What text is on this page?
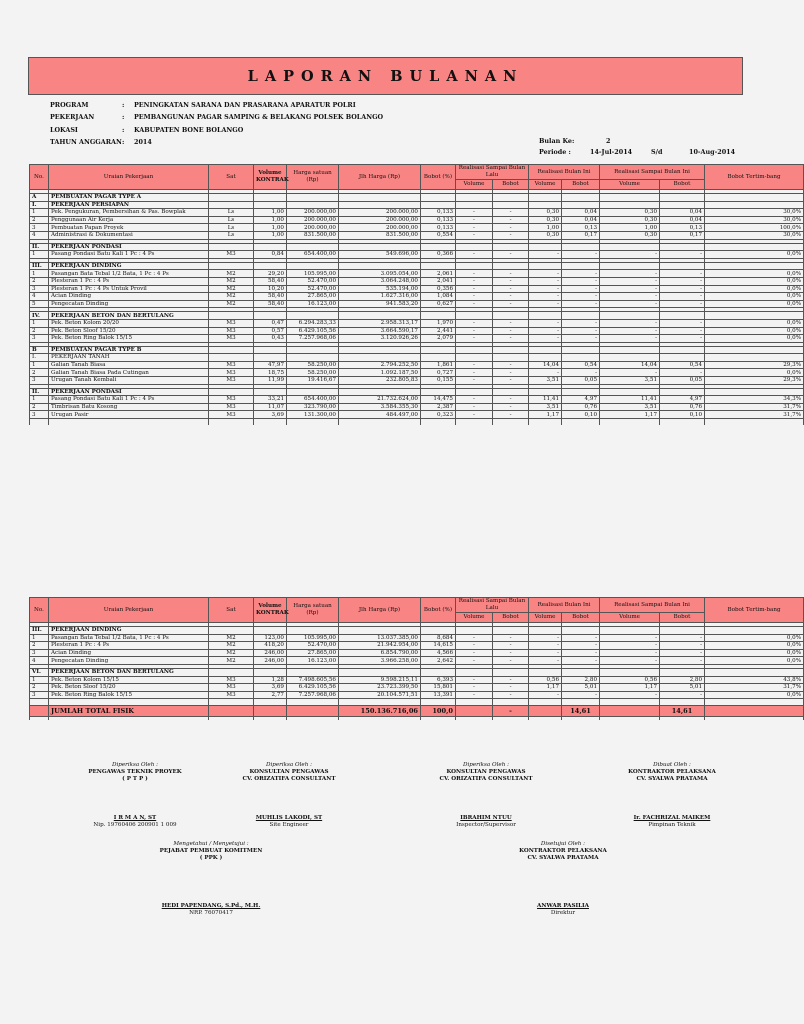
LAPORAN BULANAN
PROGRAM	: PENINGKATAN SARANA DAN PRASARANA APARATUR POLRI
PEKERJAAN	: PEMBANGUNAN PAGAR SAMPING & BELAKANG POLSEK BOLANGO
LOKASI	: KABUPATEN BONE BOLANGO
TAHUN ANGGARAN : 2014	Bulan Ke:	2
Periode :	14-Jul-2014	S/d	10-Aug-2014
No.	Uraian Pekerjaan	Sat	Volume KONTRAK	Harga satuan (Rp)	Jlh Harga (Rp)	Bobot (%)	Realisasi Sampai Bulan Lalu		Realisasi Bulan Ini		Realisasi Sampai Bulan Ini		Bobot Tertim-bang
							Volume	Bobot	Volume	Bobot	Volume	Bobot	

A	PEMBUATAN PAGAR TYPE A												
I.	PEKERJAAN PERSIAPAN												
1	Pek. Pengukuran, Pembersihan & Pas. Bowplak	Ls	1,00	200.000,00	200.000,00	0,133	-	-	0,30	0,04	0,30	0,04	30,0%
2	Penggunaan Air Kerja	Ls	1,00	200.000,00	200.000,00	0,133	-	-	0,30	0,04	0,30	0,04	30,0%
3	Pembuatan Papan Proyek	Ls	1,00	200.000,00	200.000,00	0,133	-	-	1,00	0,13	1,00	0,13	100,0%
4	Administrasi & Dokumentasi	Ls	1,00	831.500,00	831.500,00	0,554	-	-	0,30	0,17	0,30	0,17	30,0%

II.	PEKERJAAN PONDASI												
1	Pasang Pondasi Batu Kali 1 Pc : 4 Ps	M3	0,84	654.400,00	549.696,00	0,366	-	-	-	-	-	-	0,0%

III.	PEKERJAAN DINDING												
1	Pasangan Bata Tebal 1/2 Bata, 1 Pc : 4 Ps	M2	29,20	105.995,00	3.095.054,00	2,061	-	-	-	-	-	-	0,0%
2	Plesteran 1 Pc : 4 Ps	M2	58,40	52.470,00	3.064.248,00	2,041	-	-	-	-	-	-	0,0%
3	Plesteran 1 Pc : 4 Ps Untuk Provil	M2	10,20	52.470,00	535.194,00	0,356	-	-	-	-	-	-	0,0%
4	Acian Dinding	M2	58,40	27.865,00	1.627.316,00	1,084	-	-	-	-	-	-	0,0%
5	Pengecatan Dinding	M2	58,40	16.123,00	941.583,20	0,627	-	-	-	-	-	-	0,0%

IV.	PEKERJAAN BETON DAN BERTULANG												
1	Pek. Beton Kolom 20/20	M3	0,47	6.294.283,33	2.958.313,17	1,970	-	-	-	-	-	-	0,0%
2	Pek. Beton Sloof 15/20	M3	0,57	6.429.105,56	3.664.590,17	2,441	-	-	-	-	-	-	0,0%
3	Pek. Beton Ring Balok 15/15	M3	0,43	7.257.968,06	3.120.926,26	2,079	-	-	-	-	-	-	0,0%

B	PEMBUATAN PAGAR TYPE B												
I.	PEKERJAAN TANAH												
1	Galian Tanah Biasa	M3	47,97	58.250,00	2.794.252,50	1,861	-	-	14,04	0,54	14,04	0,54	29,3%
2	Galian Tanah Biasa Pada Cutingan	M3	18,75	58.250,00	1.092.187,50	0,727	-	-	-	-	-	-	0,0%
3	Urugan Tanah Kembali	M3	11,99	19.416,67	232.805,83	0,155	-	-	3,51	0,05	3,51	0,05	29,3%

II.	PEKERJAAN PONDASI												
1	Pasang Pondasi Batu Kali 1 Pc : 4 Ps	M3	33,21	654.400,00	21.732.624,00	14,475	-	-	11,41	4,97	11,41	4,97	34,3%
2	Timbrisan Batu Kosong	M3	11,07	323.790,00	3.584.355,30	2,387	-	-	3,51	0,76	3,51	0,76	31,7%
3	Urugan Pasir	M3	3,69	131.300,00	484.497,00	0,323	-	-	1,17	0,10	1,17	0,10	31,7%

No.	Uraian Pekerjaan	Sat	Volume KONTRAK	Harga satuan (Rp)	Jlh Harga (Rp)	Bobot (%)	Realisasi Sampai Bulan Lalu		Realisasi Bulan Ini		Realisasi Sampai Bulan Ini		Bobot Tertim-bang
							Volume	Bobot	Volume	Bobot	Volume	Bobot	

III.	PEKERJAAN DINDING												
1	Pasangan Bata Tebal 1/2 Bata, 1 Pc : 4 Ps	M2	123,00	105.995,00	13.037.385,00	8,684	-	-	-	-	-	-	0,0%
2	Plesteran 1 Pc : 4 Ps	M2	418,20	52.470,00	21.942.954,00	14,615	-	-	-	-	-	-	0,0%
3	Acian Dinding	M2	246,00	27.865,00	6.854.790,00	4,566	-	-	-	-	-	-	0,0%
4	Pengecatan Dinding	M2	246,00	16.123,00	3.966.258,00	2,642	-	-	-	-	-	-	0,0%

VI.	PEKERJAAN BETON DAN BERTULANG												
1	Pek. Beton Kolom 15/15	M3	1,28	7.498.605,56	9.598.215,11	6,393	-	-	0,56	2,80	0,56	2,80	43,8%
2	Pek. Beton Sloof 15/20	M3	3,69	6.429.105,56	23.723.399,50	15,801	-	-	1,17	5,01	1,17	5,01	31,7%
3	Pek. Beton Ring Balok 15/15	M3	2,77	7.257.968,06	20.104.571,51	13,391	-	-	-	-	-	-	0,0%

	JUMLAH TOTAL FISIK				150.136.716,06	100,0		-		14,61		14,61	

Diperiksa Oleh :
PENGAWAS TEKNIK PROYEK
( P T P )
I R M A N, ST
Nip. 19760406 200901 1 009
Diperiksa Oleh :
KONSULTAN PENGAWAS
CV. ORIZATIFA CONSULTANT
MUHLIS LAKODI, ST
Site Engineer
Diperiksa Oleh :
KONSULTAN PENGAWAS
CV. ORIZATIFA CONSULTANT
IBRAHIM NTUU
Inspector/Supervisor
Dibuat Oleh :
KONTRAKTOR PELAKSANA
CV. SYALWA PRATAMA
Ir. FACHRIZAL MAIKEM
Pimpinan Teknik
Mengetahui / Menyetujui :
PEJABAT PEMBUAT KOMITMEN
( PPK )
HEDI PAPENDANG, S.Pd., M.H.
NRP. 76070417
Disetujui Oleh :
KONTRAKTOR PELAKSANA
CV. SYALWA PRATAMA
ANWAR PASILIA
Direktur
